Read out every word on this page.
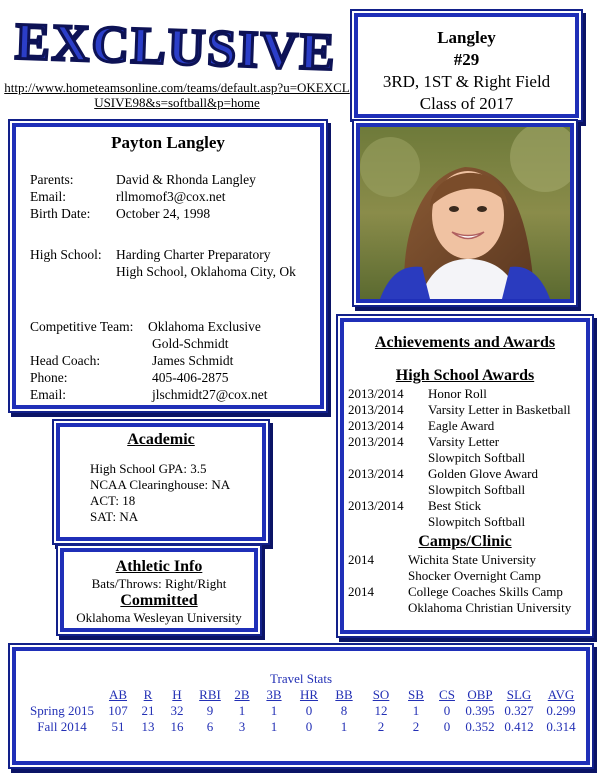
EXCLUSIVE
http://www.hometeamsonline.com/teams/default.asp?u=OKEXCLUSIVE98&s=softball&p=home
Langley
#29
3RD, 1ST & Right Field
Class of 2017
Payton Langley
Parents:	David & Rhonda Langley
Email:	rllmomof3@cox.net
Birth Date:	October 24, 1998
High School:	Harding Charter Preparatory
High School, Oklahoma City, Ok
Competitive Team:	Oklahoma Exclusive
Gold-Schmidt
Head Coach:	James Schmidt
Phone:	405-406-2875
Email:	jlschmidt27@cox.net
Academic
High School GPA: 3.5
NCAA Clearinghouse: NA
ACT: 18
SAT: NA
Athletic Info
Bats/Throws: Right/Right
Committed
Oklahoma Wesleyan University
Achievements and Awards
High School Awards
2013/2014	Honor Roll
2013/2014	Varsity Letter in Basketball
2013/2014	Eagle Award
2013/2014	Varsity Letter
Slowpitch Softball
2013/2014	Golden Glove Award
Slowpitch Softball
2013/2014	Best Stick
Slowpitch Softball
Camps/Clinic
2014	Wichita State University
Shocker Overnight Camp
2014	College Coaches Skills Camp
Oklahoma Christian University
Travel Stats
	AB	R	H	RBI	2B	3B	HR	BB	SO	SB	CS	OBP	SLG	AVG
Spring 2015	107	21	32	9	1	1	0	8	12	1	0	0.395	0.327	0.299
Fall 2014	51	13	16	6	3	1	0	1	2	2	0	0.352	0.412	0.314
